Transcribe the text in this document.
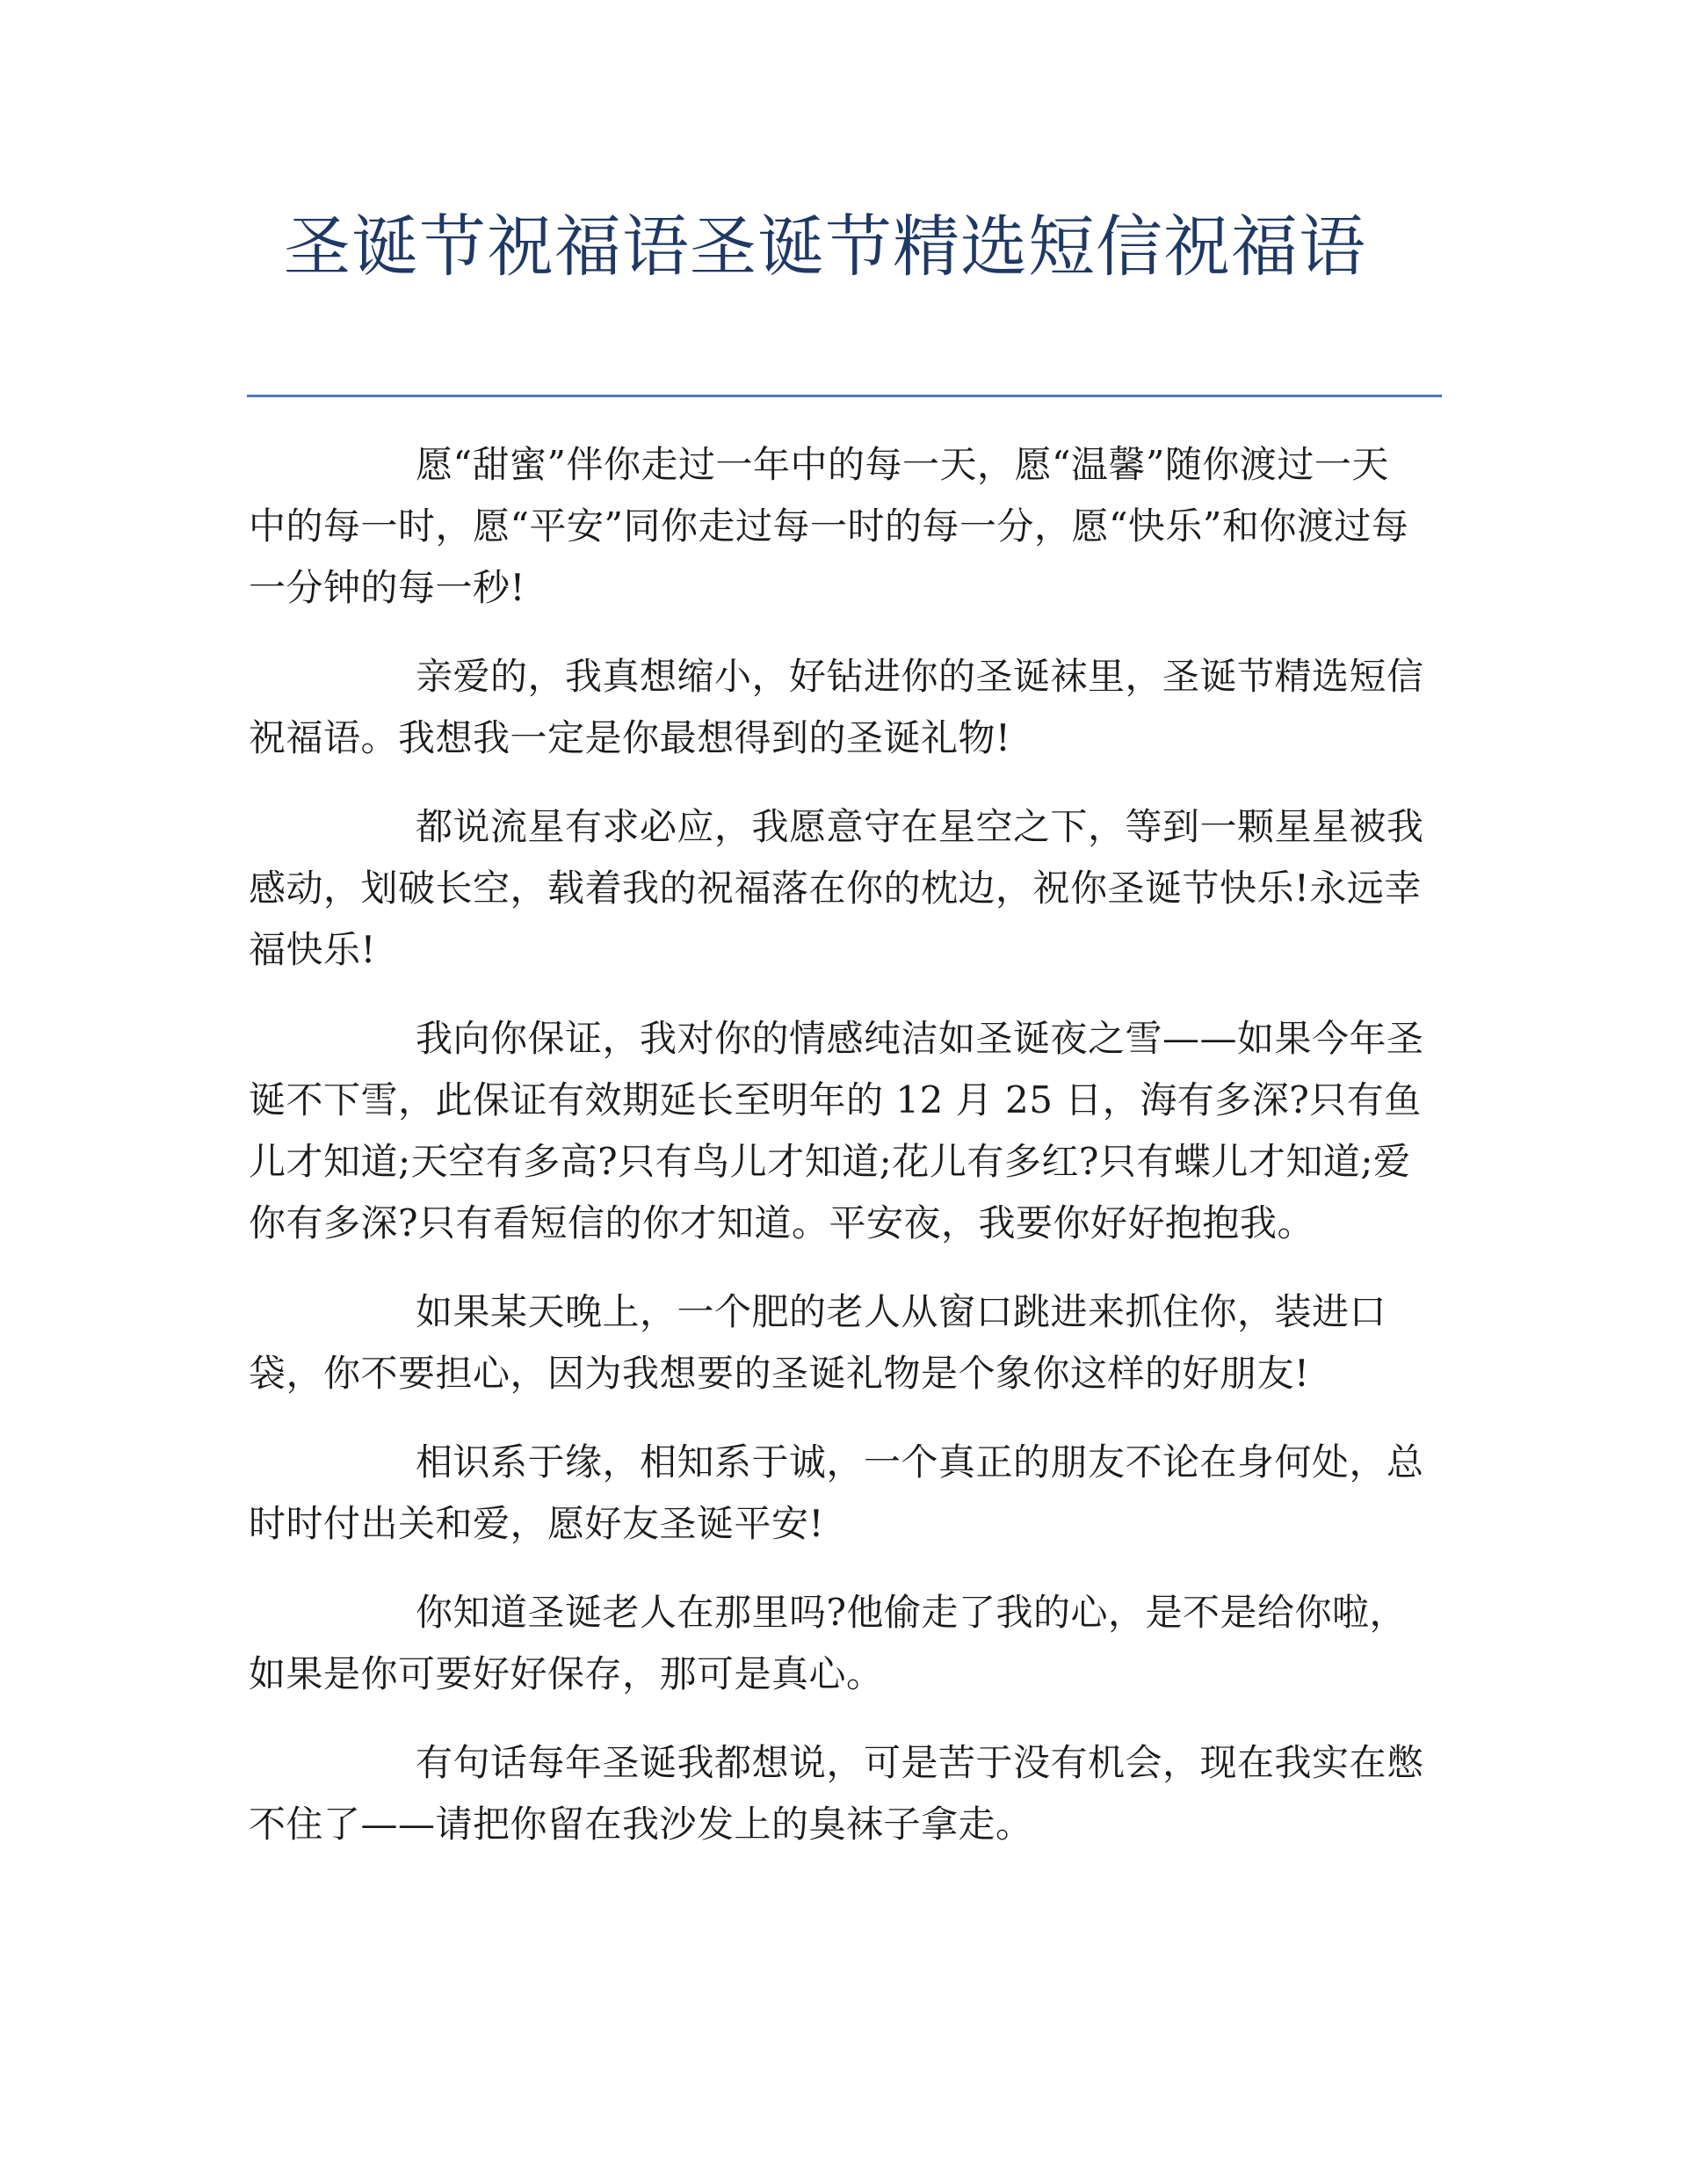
圣诞节祝福语圣诞节精选短信祝福语

愿“甜蜜”伴你走过一年中的每一天，愿“温馨”随你渡过一天中的每一时，愿“平安”同你走过每一时的每一分，愿“快乐”和你渡过每一分钟的每一秒!

亲爱的，我真想缩小，好钻进你的圣诞袜里，圣诞节精选短信祝福语。我想我一定是你最想得到的圣诞礼物!

都说流星有求必应，我愿意守在星空之下，等到一颗星星被我感动，划破长空，载着我的祝福落在你的枕边，祝你圣诞节快乐!永远幸福快乐!

我向你保证，我对你的情感纯洁如圣诞夜之雪——如果今年圣诞不下雪，此保证有效期延长至明年的 12 月 25 日，海有多深?只有鱼儿才知道;天空有多高?只有鸟儿才知道;花儿有多红?只有蝶儿才知道;爱你有多深?只有看短信的你才知道。平安夜，我要你好好抱抱我。

如果某天晚上，一个肥的老人从窗口跳进来抓住你，装进口袋，你不要担心，因为我想要的圣诞礼物是个象你这样的好朋友!

相识系于缘，相知系于诚，一个真正的朋友不论在身何处，总时时付出关和爱，愿好友圣诞平安!

你知道圣诞老人在那里吗?他偷走了我的心，是不是给你啦，如果是你可要好好保存，那可是真心。

有句话每年圣诞我都想说，可是苦于没有机会，现在我实在憋不住了——请把你留在我沙发上的臭袜子拿走。
